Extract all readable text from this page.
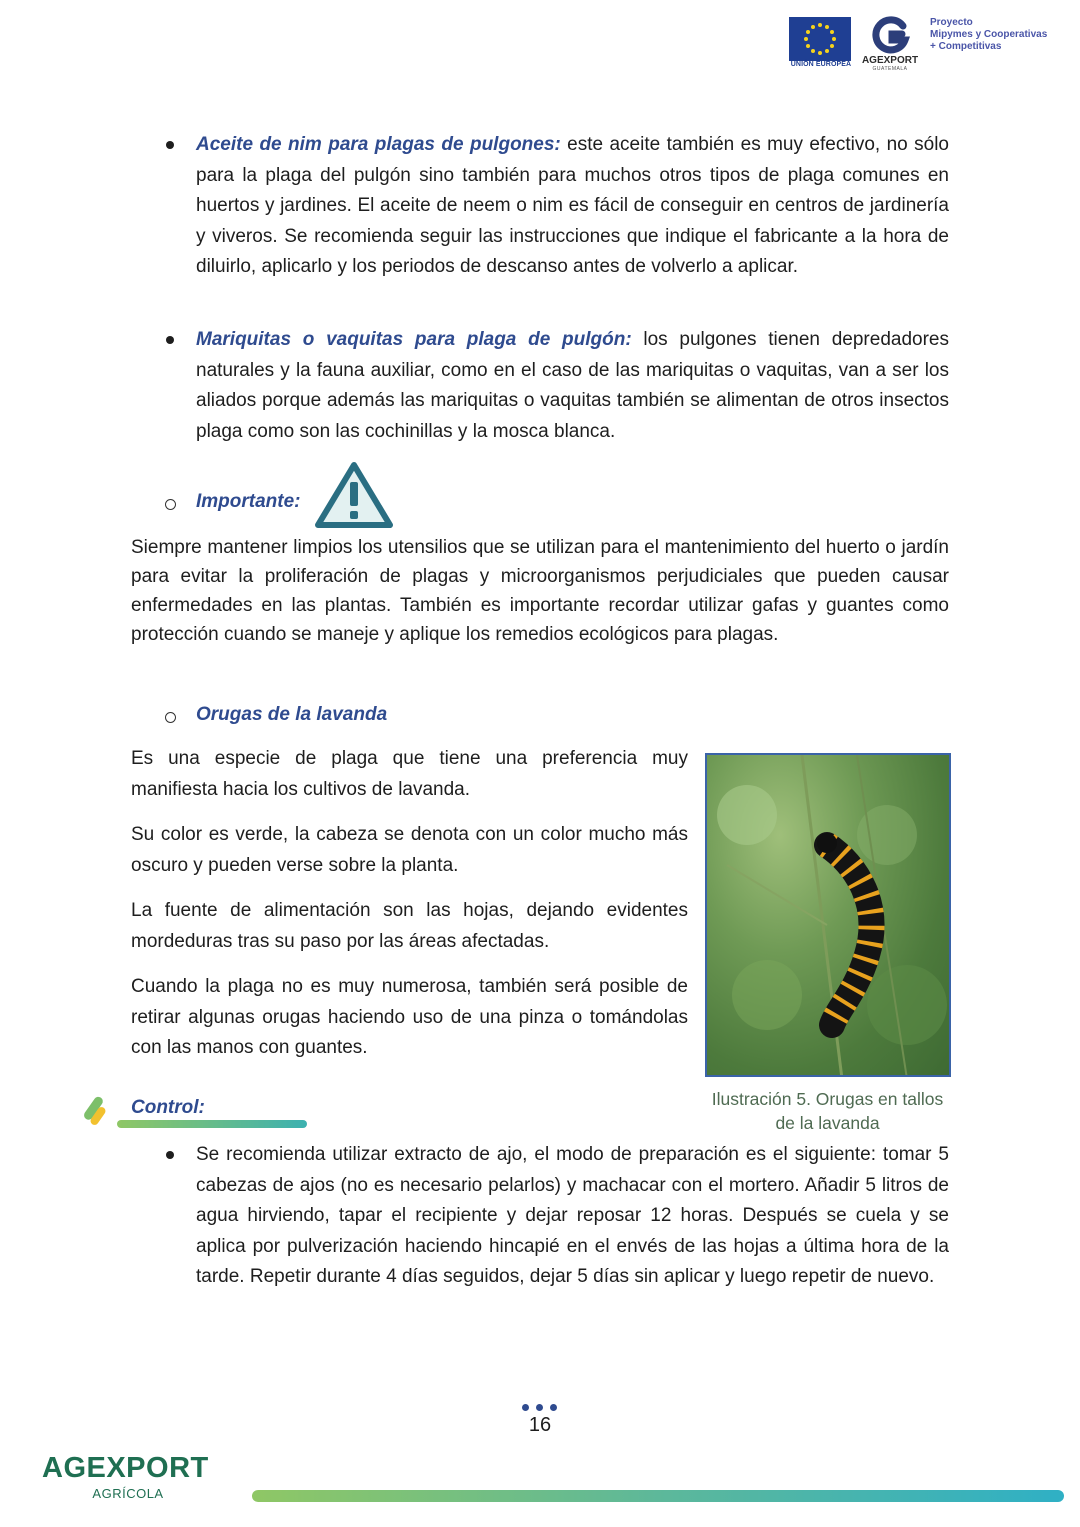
UNIÓN EUROPEA	AGEXPORT
GUATEMALA
Proyecto
Mipymes y Cooperativas
+ Competitivas
Aceite de nim para plagas de pulgones: este aceite también es muy efectivo, no sólo para la plaga del pulgón sino también para muchos otros tipos de plaga comunes en huertos y jardines. El aceite de neem o nim es fácil de conseguir en centros de jardinería y viveros. Se recomienda seguir las instrucciones que indique el fabricante a la hora de diluirlo, aplicarlo y los periodos de descanso antes de volverlo a aplicar.
Mariquitas o vaquitas para plaga de pulgón: los pulgones tienen depredadores naturales y la fauna auxiliar, como en el caso de las mariquitas o vaquitas, van a ser los aliados porque además las mariquitas o vaquitas también se alimentan de otros insectos plaga como son las cochinillas y la mosca blanca.
Importante:
Siempre mantener limpios los utensilios que se utilizan para el mantenimiento del huerto o jardín para evitar la proliferación de plagas y microorganismos perjudiciales que pueden causar enfermedades en las plantas. También es importante recordar utilizar gafas y guantes como protección cuando se maneje y aplique los remedios ecológicos para plagas.
Orugas de la lavanda
Es una especie de plaga que tiene una preferencia muy manifiesta hacia los cultivos de lavanda.
Su color es verde, la cabeza se denota con un color mucho más oscuro y pueden verse sobre la planta.
La fuente de alimentación son las hojas, dejando evidentes mordeduras tras su paso por las áreas afectadas.
Cuando la plaga no es muy numerosa, también será posible de retirar algunas orugas haciendo uso de una pinza o tomándolas con las manos con guantes.
Ilustración 5. Orugas en tallos
de la lavanda
Control:
Se recomienda utilizar extracto de ajo, el modo de preparación es el siguiente: tomar 5 cabezas de ajos (no es necesario pelarlos) y machacar con el mortero. Añadir 5 litros de agua hirviendo, tapar el recipiente y dejar reposar 12 horas. Después se cuela y se aplica por pulverización haciendo hincapié en el envés de las hojas a última hora de la tarde. Repetir durante 4 días seguidos, dejar 5 días sin aplicar y luego repetir de nuevo.
16
AGEXPORT
AGRÍCOLA
